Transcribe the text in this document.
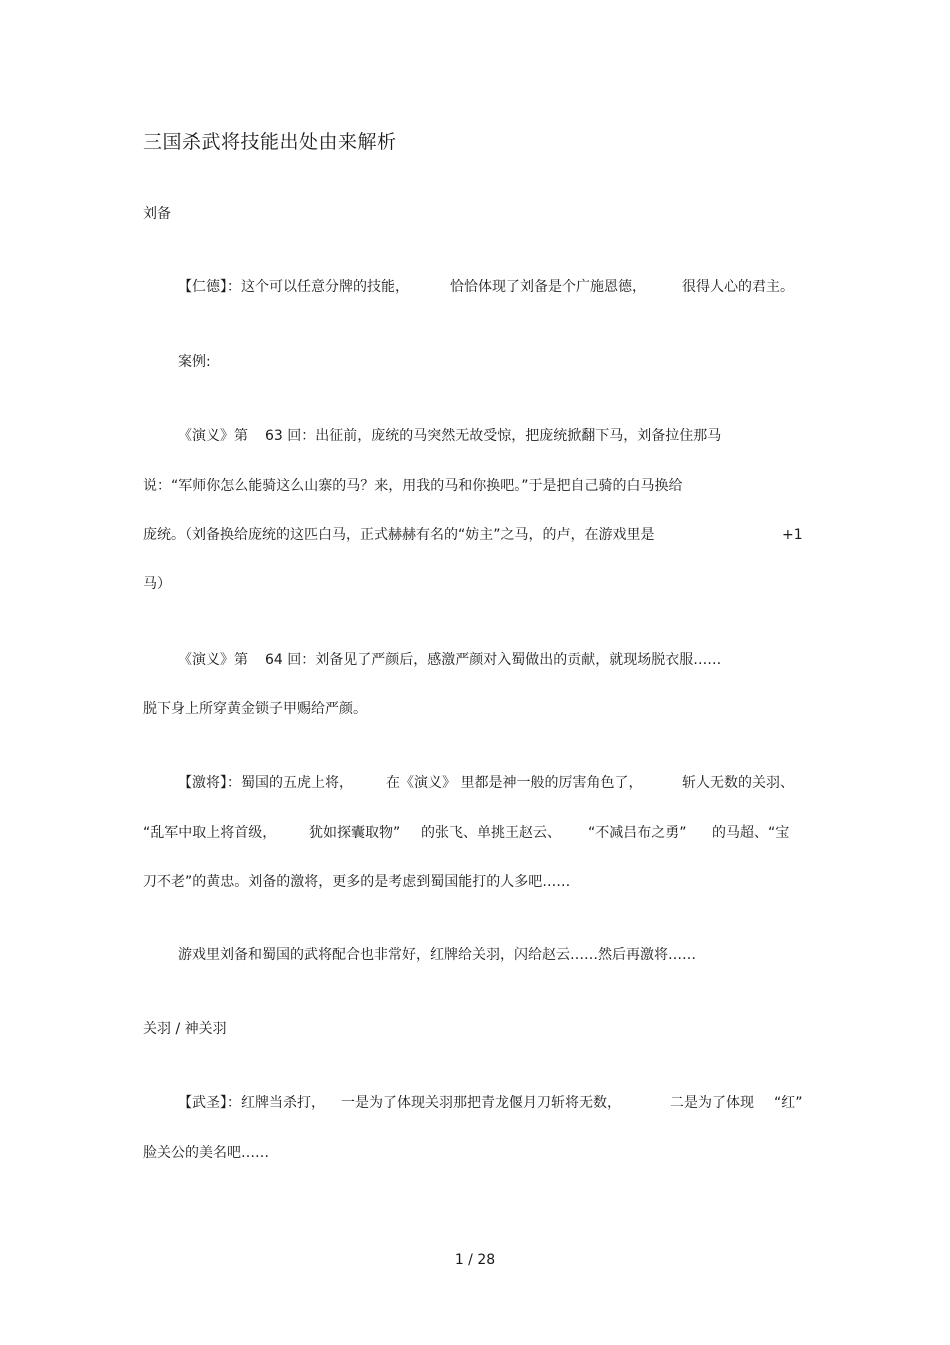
三国杀武将技能出处由来解析
刘备
【仁德】：这个可以任意分牌的技能，	恰恰体现了刘备是个广施恩德，	很得人心的君主。
案例:
《演义》第 63 回：出征前，庞统的马突然无故受惊，把庞统掀翻下马，刘备拉住那马
说：“军师你怎么能骑这么山寨的马？来，用我的马和你换吧。”于是把自己骑的白马换给
庞统。（刘备换给庞统的这匹白马，正式赫赫有名的“妨主”之马，的卢，在游戏里是	+1
马）
《演义》第 64 回：刘备见了严颜后，感激严颜对入蜀做出的贡献，就现场脱衣服……
脱下身上所穿黄金锁子甲赐给严颜。
【激将】：蜀国的五虎上将， 在《演义》 里都是神一般的厉害角色了，	斩人无数的关羽、
“乱军中取上将首级， 犹如探囊取物” 的张飞、单挑王赵云、 “不减吕布之勇” 的马超、“宝
刀不老”的黄忠。刘备的激将，更多的是考虑到蜀国能打的人多吧……
游戏里刘备和蜀国的武将配合也非常好，红牌给关羽，闪给赵云……然后再激将……
关羽 / 神关羽
【武圣】：红牌当杀打， 一是为了体现关羽那把青龙偃月刀斩将无数，	二是为了体现 “红”
脸关公的美名吧……
1 / 28
